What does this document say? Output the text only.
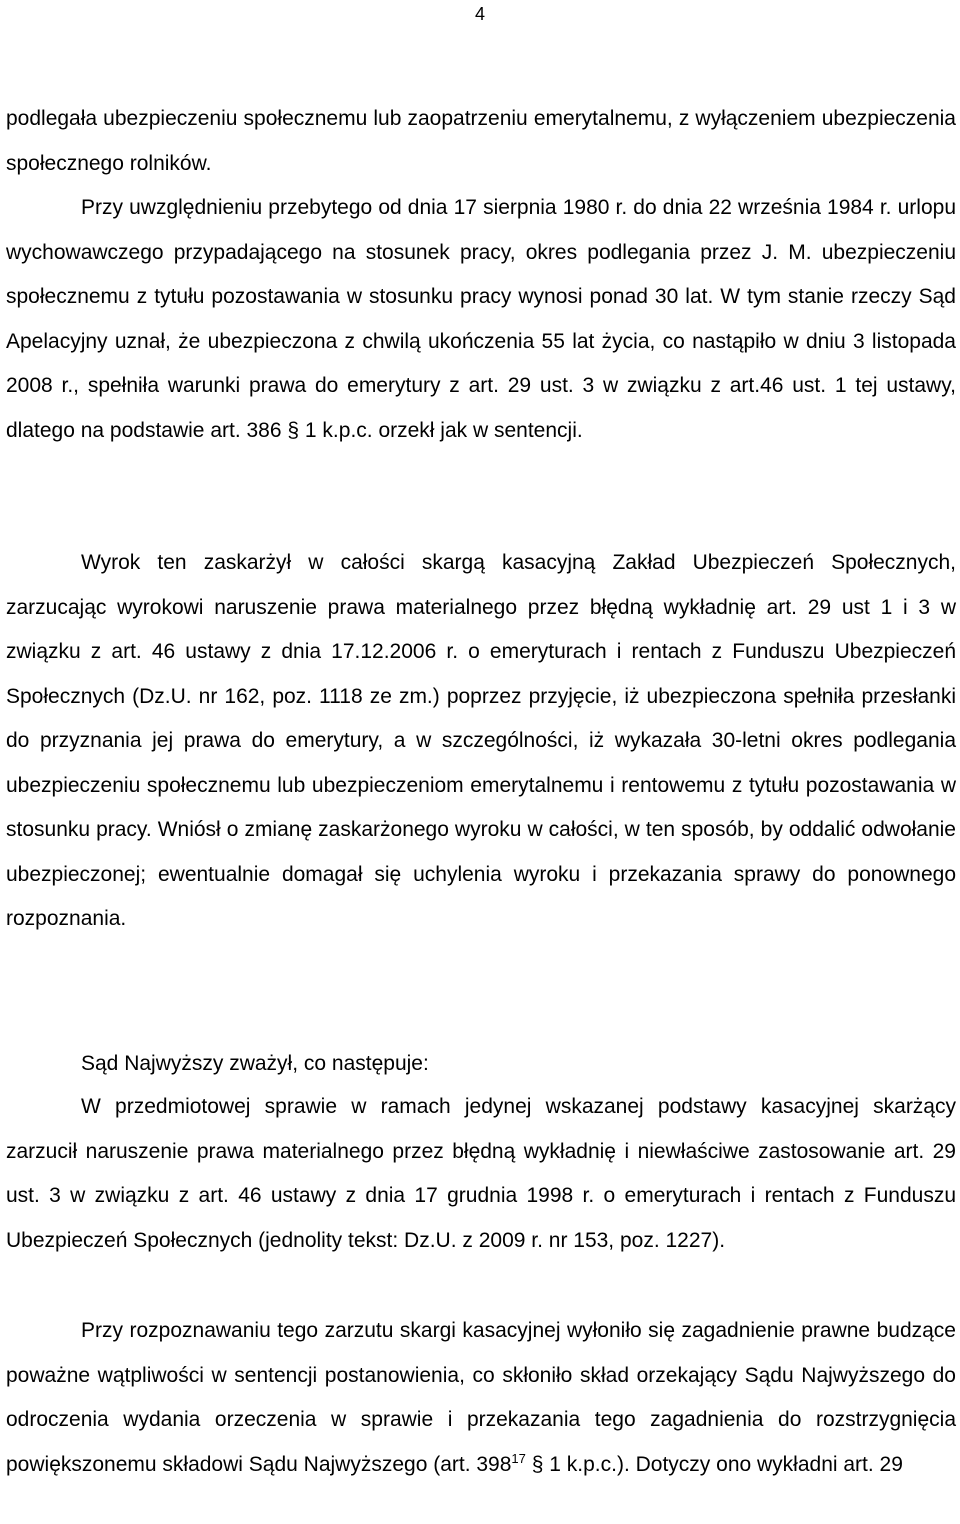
4

podlegała ubezpieczeniu społecznemu lub zaopatrzeniu emerytalnemu, z wyłączeniem ubezpieczenia społecznego rolników.
Przy uwzględnieniu przebytego od dnia 17 sierpnia 1980 r. do dnia 22 września 1984 r. urlopu wychowawczego przypadającego na stosunek pracy, okres podlegania przez J. M. ubezpieczeniu społecznemu z tytułu pozostawania w stosunku pracy wynosi ponad 30 lat. W tym stanie rzeczy Sąd Apelacyjny uznał, że ubezpieczona z chwilą ukończenia 55 lat życia, co nastąpiło w dniu 3 listopada 2008 r., spełniła warunki prawa do emerytury z art. 29 ust. 3 w związku z art.46 ust. 1 tej ustawy, dlatego na podstawie art. 386 § 1 k.p.c. orzekł jak w sentencji.

Wyrok ten zaskarżył w całości skargą kasacyjną Zakład Ubezpieczeń Społecznych, zarzucając wyrokowi naruszenie prawa materialnego przez błędną wykładnię art. 29 ust 1 i 3 w związku z art. 46 ustawy z dnia 17.12.2006 r. o emeryturach i rentach z Funduszu Ubezpieczeń Społecznych (Dz.U. nr 162, poz. 1118 ze zm.) poprzez przyjęcie, iż ubezpieczona spełniła przesłanki do przyznania jej prawa do emerytury, a w szczególności, iż wykazała 30-letni okres podlegania ubezpieczeniu społecznemu lub ubezpieczeniom emerytalnemu i rentowemu z tytułu pozostawania w stosunku pracy. Wniósł o zmianę zaskarżonego wyroku w całości, w ten sposób, by oddalić odwołanie ubezpieczonej; ewentualnie domagał się uchylenia wyroku i przekazania sprawy do ponownego rozpoznania.

Sąd Najwyższy zważył, co następuje:

W przedmiotowej sprawie w ramach jedynej wskazanej podstawy kasacyjnej skarżący zarzucił naruszenie prawa materialnego przez błędną wykładnię i niewłaściwe zastosowanie art. 29 ust. 3 w związku z art. 46 ustawy z dnia 17 grudnia 1998 r. o emeryturach i rentach z Funduszu Ubezpieczeń Społecznych (jednolity tekst: Dz.U. z 2009 r. nr 153, poz. 1227).

Przy rozpoznawaniu tego zarzutu skargi kasacyjnej wyłoniło się zagadnienie prawne budzące poważne wątpliwości w sentencji postanowienia, co skłoniło skład orzekający Sądu Najwyższego do odroczenia wydania orzeczenia w sprawie i przekazania tego zagadnienia do rozstrzygnięcia powiększonemu składowi Sądu Najwyższego (art. $398^{17}$ § 1 k.p.c.). Dotyczy ono wykładni art. 29
